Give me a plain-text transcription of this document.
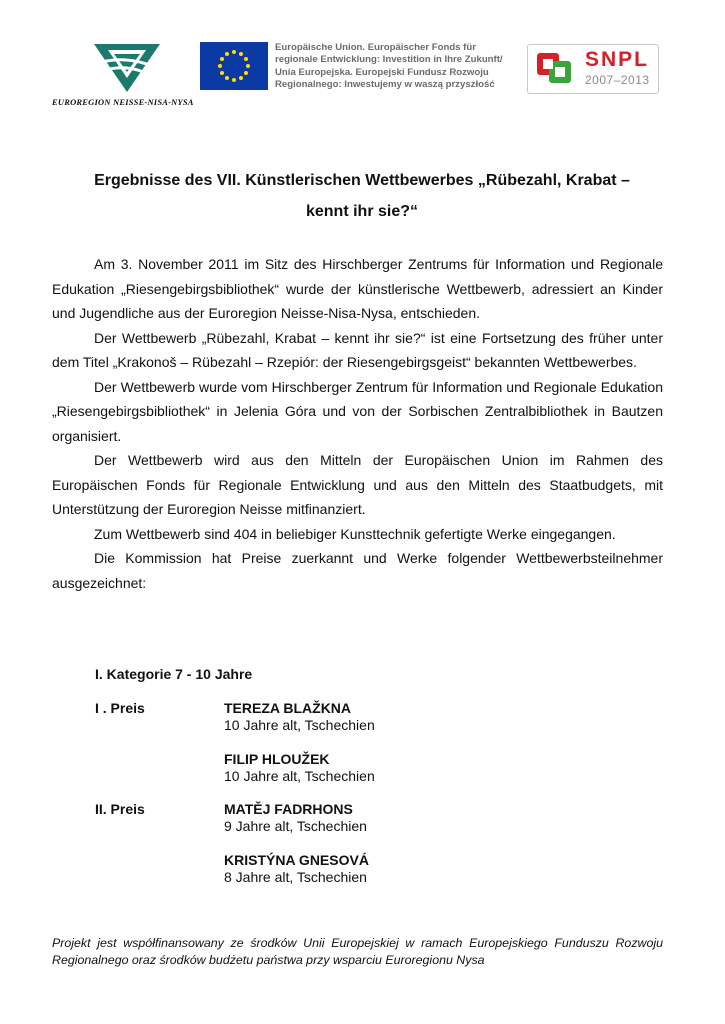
EUROREGION NEISSE-NISA-NYSA
Europäische Union. Europäischer Fonds für
regionale Entwicklung: Investition in Ihre Zukunft/
Unia Europejska. Europejski Fundusz Rozwoju
Regionalnego: Inwestujemy w waszą przyszłość
SNPL
2007–2013
Ergebnisse des VII. Künstlerischen Wettbewerbes „Rübezahl, Krabat –
kennt ihr sie?“

Am 3. November 2011 im Sitz des Hirschberger Zentrums für Information und Regionale Edukation „Riesengebirgsbibliothek“ wurde der künstlerische Wettbewerb, adressiert an Kinder und Jugendliche aus der Euroregion Neisse-Nisa-Nysa, entschieden.

Der Wettbewerb „Rübezahl, Krabat – kennt ihr sie?“ ist eine Fortsetzung des früher unter dem Titel „Krakonoš – Rübezahl – Rzepiór: der Riesengebirgsgeist“ bekannten Wettbewerbes.

Der Wettbewerb wurde vom Hirschberger Zentrum für Information und Regionale Edukation „Riesengebirgsbibliothek“ in Jelenia Góra und von der Sorbischen Zentralbibliothek in Bautzen organisiert.

Der Wettbewerb wird aus den Mitteln der Europäischen Union im Rahmen des Europäischen Fonds für Regionale Entwicklung und aus den Mitteln des Staatbudgets, mit Unterstützung der Euroregion Neisse mitfinanziert.

Zum Wettbewerb sind 404 in beliebiger Kunsttechnik gefertigte Werke eingegangen.

Die Kommission hat Preise zuerkannt und Werke folgender Wettbewerbsteilnehmer ausgezeichnet:

I. Kategorie 7 - 10 Jahre
I . Preis	TEREZA BLAŽKNA
10 Jahre alt, Tschechien
FILIP HLOUŽEK
10 Jahre alt, Tschechien
II. Preis	MATĚJ FADRHONS
9 Jahre alt, Tschechien
KRISTÝNA GNESOVÁ
8 Jahre alt, Tschechien
Projekt jest współfinansowany ze środków Unii Europejskiej w ramach Europejskiego Funduszu Rozwoju Regionalnego oraz środków budżetu państwa przy wsparciu Euroregionu Nysa
